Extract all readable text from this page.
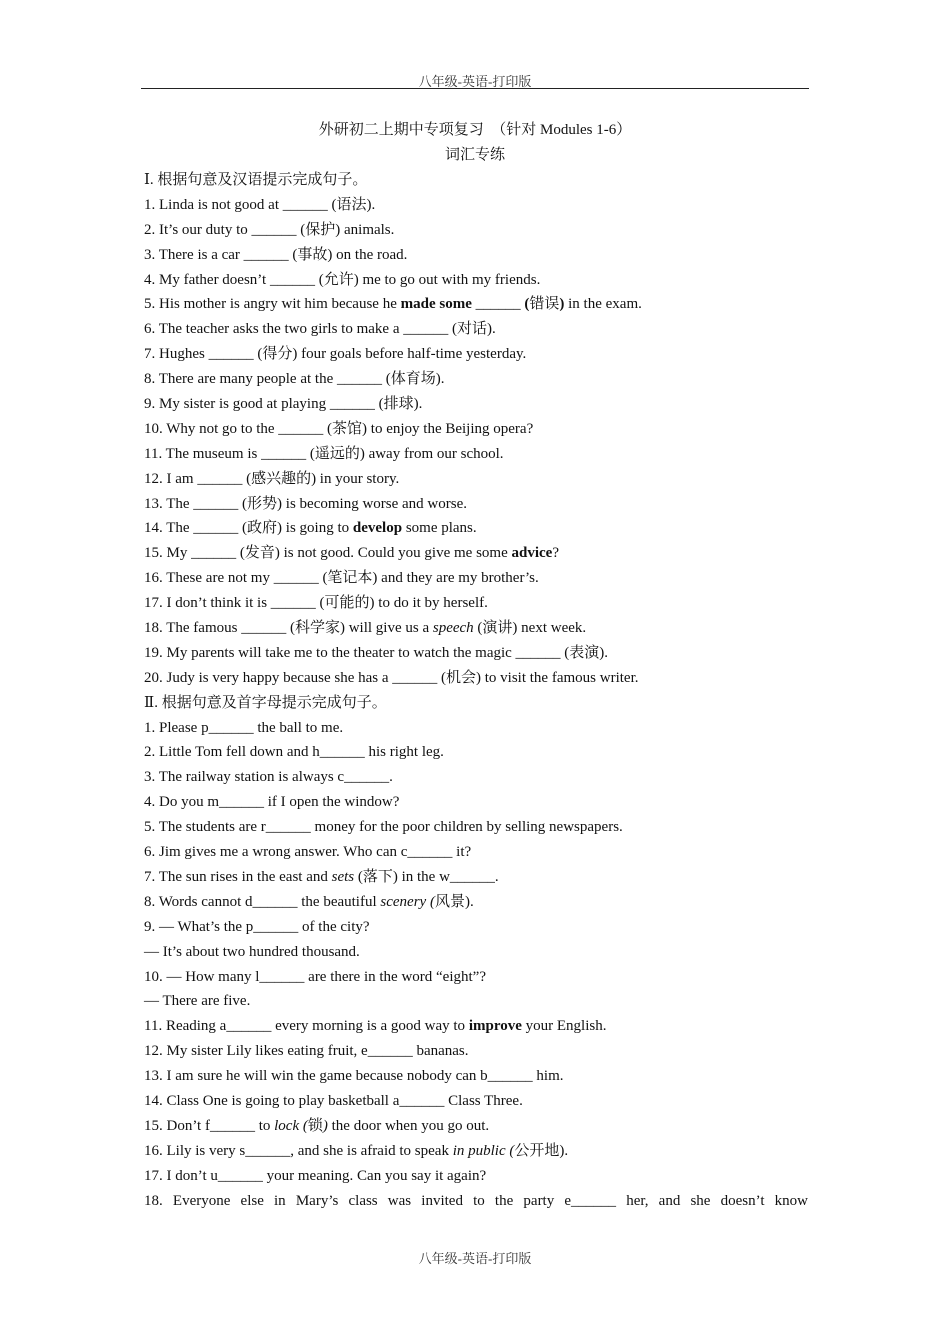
八年级-英语-打印版
外研初二上期中专项复习　（针对 Modules 1-6）
词汇专练
Ⅰ. 根据句意及汉语提示完成句子。
1. Linda is not good at ______ (语法).
2. It’s our duty to ______ (保护) animals.
3. There is a car ______ (事故) on the road.
4. My father doesn’t ______ (允许) me to go out with my friends.
5. His mother is angry wit him because he made some ______ (错误) in the exam.
6. The teacher asks the two girls to make a ______ (对话).
7. Hughes ______ (得分) four goals before half-time yesterday.
8. There are many people at the ______ (体育场).
9. My sister is good at playing ______ (排球).
10. Why not go to the ______ (茶馆) to enjoy the Beijing opera?
11. The museum is ______ (遥远的) away from our school.
12. I am ______ (感兴趣的) in your story.
13. The ______ (形势) is becoming worse and worse.
14. The ______ (政府) is going to develop some plans.
15. My ______ (发音) is not good. Could you give me some advice?
16. These are not my ______ (笔记本) and they are my brother’s.
17. I don’t think it is ______ (可能的) to do it by herself.
18. The famous ______ (科学家) will give us a speech (演讲) next week.
19. My parents will take me to the theater to watch the magic ______ (表演).
20. Judy is very happy because she has a ______ (机会) to visit the famous writer.
Ⅱ. 根据句意及首字母提示完成句子。
1. Please p______ the ball to me.
2. Little Tom fell down and h______ his right leg.
3. The railway station is always c______.
4. Do you m______ if I open the window?
5. The students are r______ money for the poor children by selling newspapers.
6. Jim gives me a wrong answer. Who can c______ it?
7. The sun rises in the east and sets (落下) in the w______.
8. Words cannot d______ the beautiful scenery (风景).
9. — What’s the p______ of the city?
— It’s about two hundred thousand.
10. — How many l______ are there in the word “eight”?
— There are five.
11. Reading a______ every morning is a good way to improve your English.
12. My sister Lily likes eating fruit, e______ bananas.
13. I am sure he will win the game because nobody can b______ him.
14. Class One is going to play basketball a______ Class Three.
15. Don’t f______ to lock (锁) the door when you go out.
16. Lily is very s______, and she is afraid to speak in public (公开地).
17. I don’t u______ your meaning. Can you say it again?
18. Everyone else in Mary’s class was invited to the party e______ her, and she doesn’t know
八年级-英语-打印版
